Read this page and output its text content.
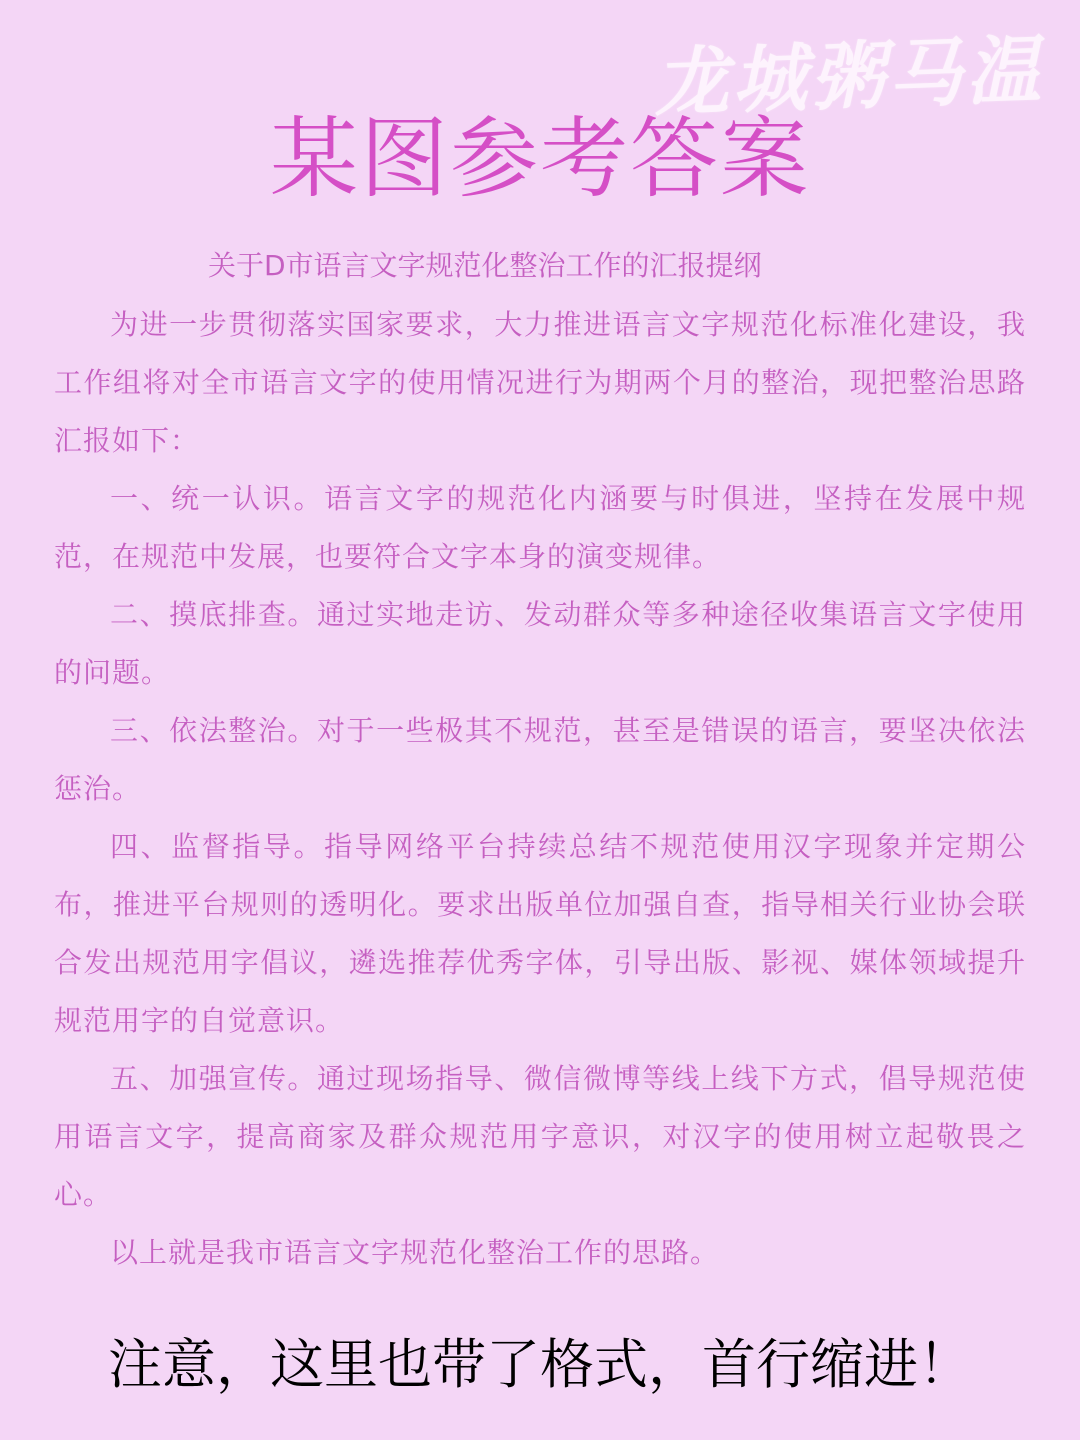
龙城粥马温
某图参考答案
关于D市语言文字规范化整治工作的汇报提纲

为进一步贯彻落实国家要求，大力推进语言文字规范化标准化建设，我工作组将对全市语言文字的使用情况进行为期两个月的整治，现把整治思路汇报如下：

一、统一认识。语言文字的规范化内涵要与时俱进，坚持在发展中规范，在规范中发展，也要符合文字本身的演变规律。

二、摸底排查。通过实地走访、发动群众等多种途径收集语言文字使用的问题。

三、依法整治。对于一些极其不规范，甚至是错误的语言，要坚决依法惩治。

四、监督指导。指导网络平台持续总结不规范使用汉字现象并定期公布，推进平台规则的透明化。要求出版单位加强自查，指导相关行业协会联合发出规范用字倡议，遴选推荐优秀字体，引导出版、影视、媒体领域提升规范用字的自觉意识。

五、加强宣传。通过现场指导、微信微博等线上线下方式，倡导规范使用语言文字，提高商家及群众规范用字意识，对汉字的使用树立起敬畏之心。

以上就是我市语言文字规范化整治工作的思路。

注意，这里也带了格式，首行缩进！
